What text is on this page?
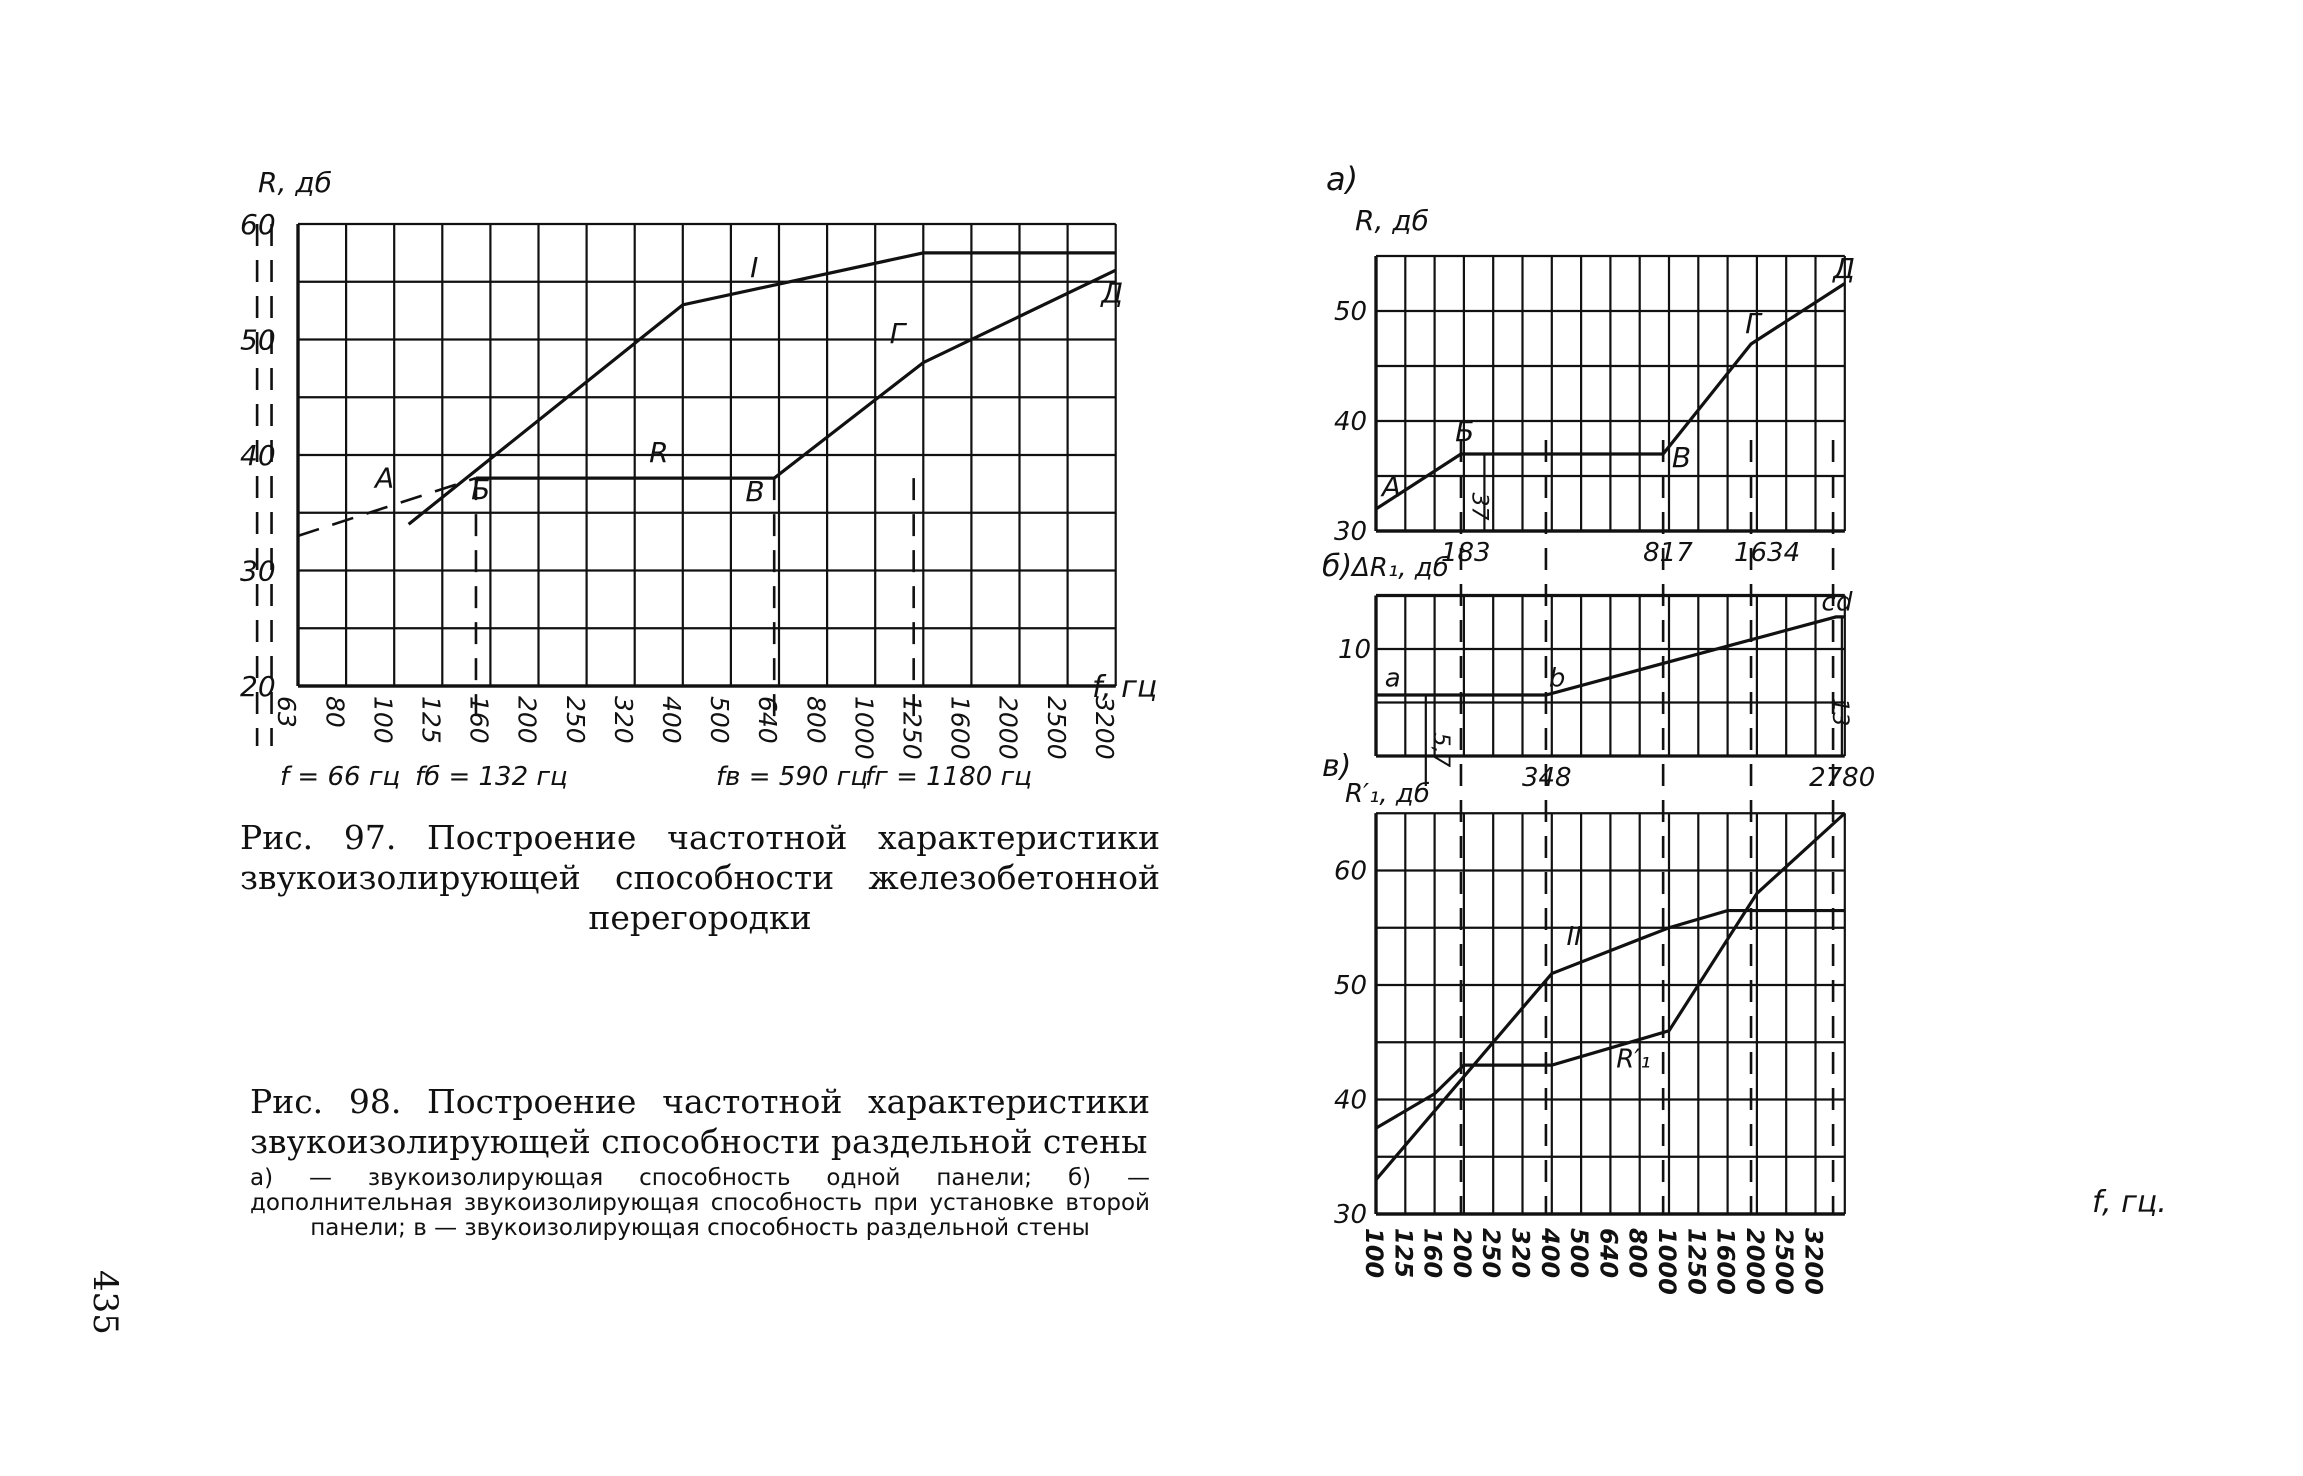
20
30
40
50
60
R, дб
f, гц
63 80 100 125 160 200 250 320 400 500 640 800 1000 1250 1600 2000 2500 3200
I
R
А	Б	В
Г
Д
f = 66 гц fб = 132 гц	fв = 590 гц
fг = 1180 гц
а)
R, дб
30
40
50
183	817 1634
А
Б
В
Г
Д
37
б) ΔR₁, дб
10
348	2780
a	b
c d
5,7
13
в)
R′₁, дб
30
40
50
60
f, гц.
100 125 160 200 250 320 400 500 640 800 1000 1250 1600 2000 2500 3200
II
R′₁
Рис. 97. Построение частотной характеристики звукоизолирующей способности железобетонной перегородки
Рис. 98. Построение частотной характеристики звукоизолирующей способности раздельной стены
а) — звукоизолирующая способность одной панели; б) — дополнительная звукоизолирующая способность при установке второй панели; в — звукоизолирующая способность раздельной стены
435
